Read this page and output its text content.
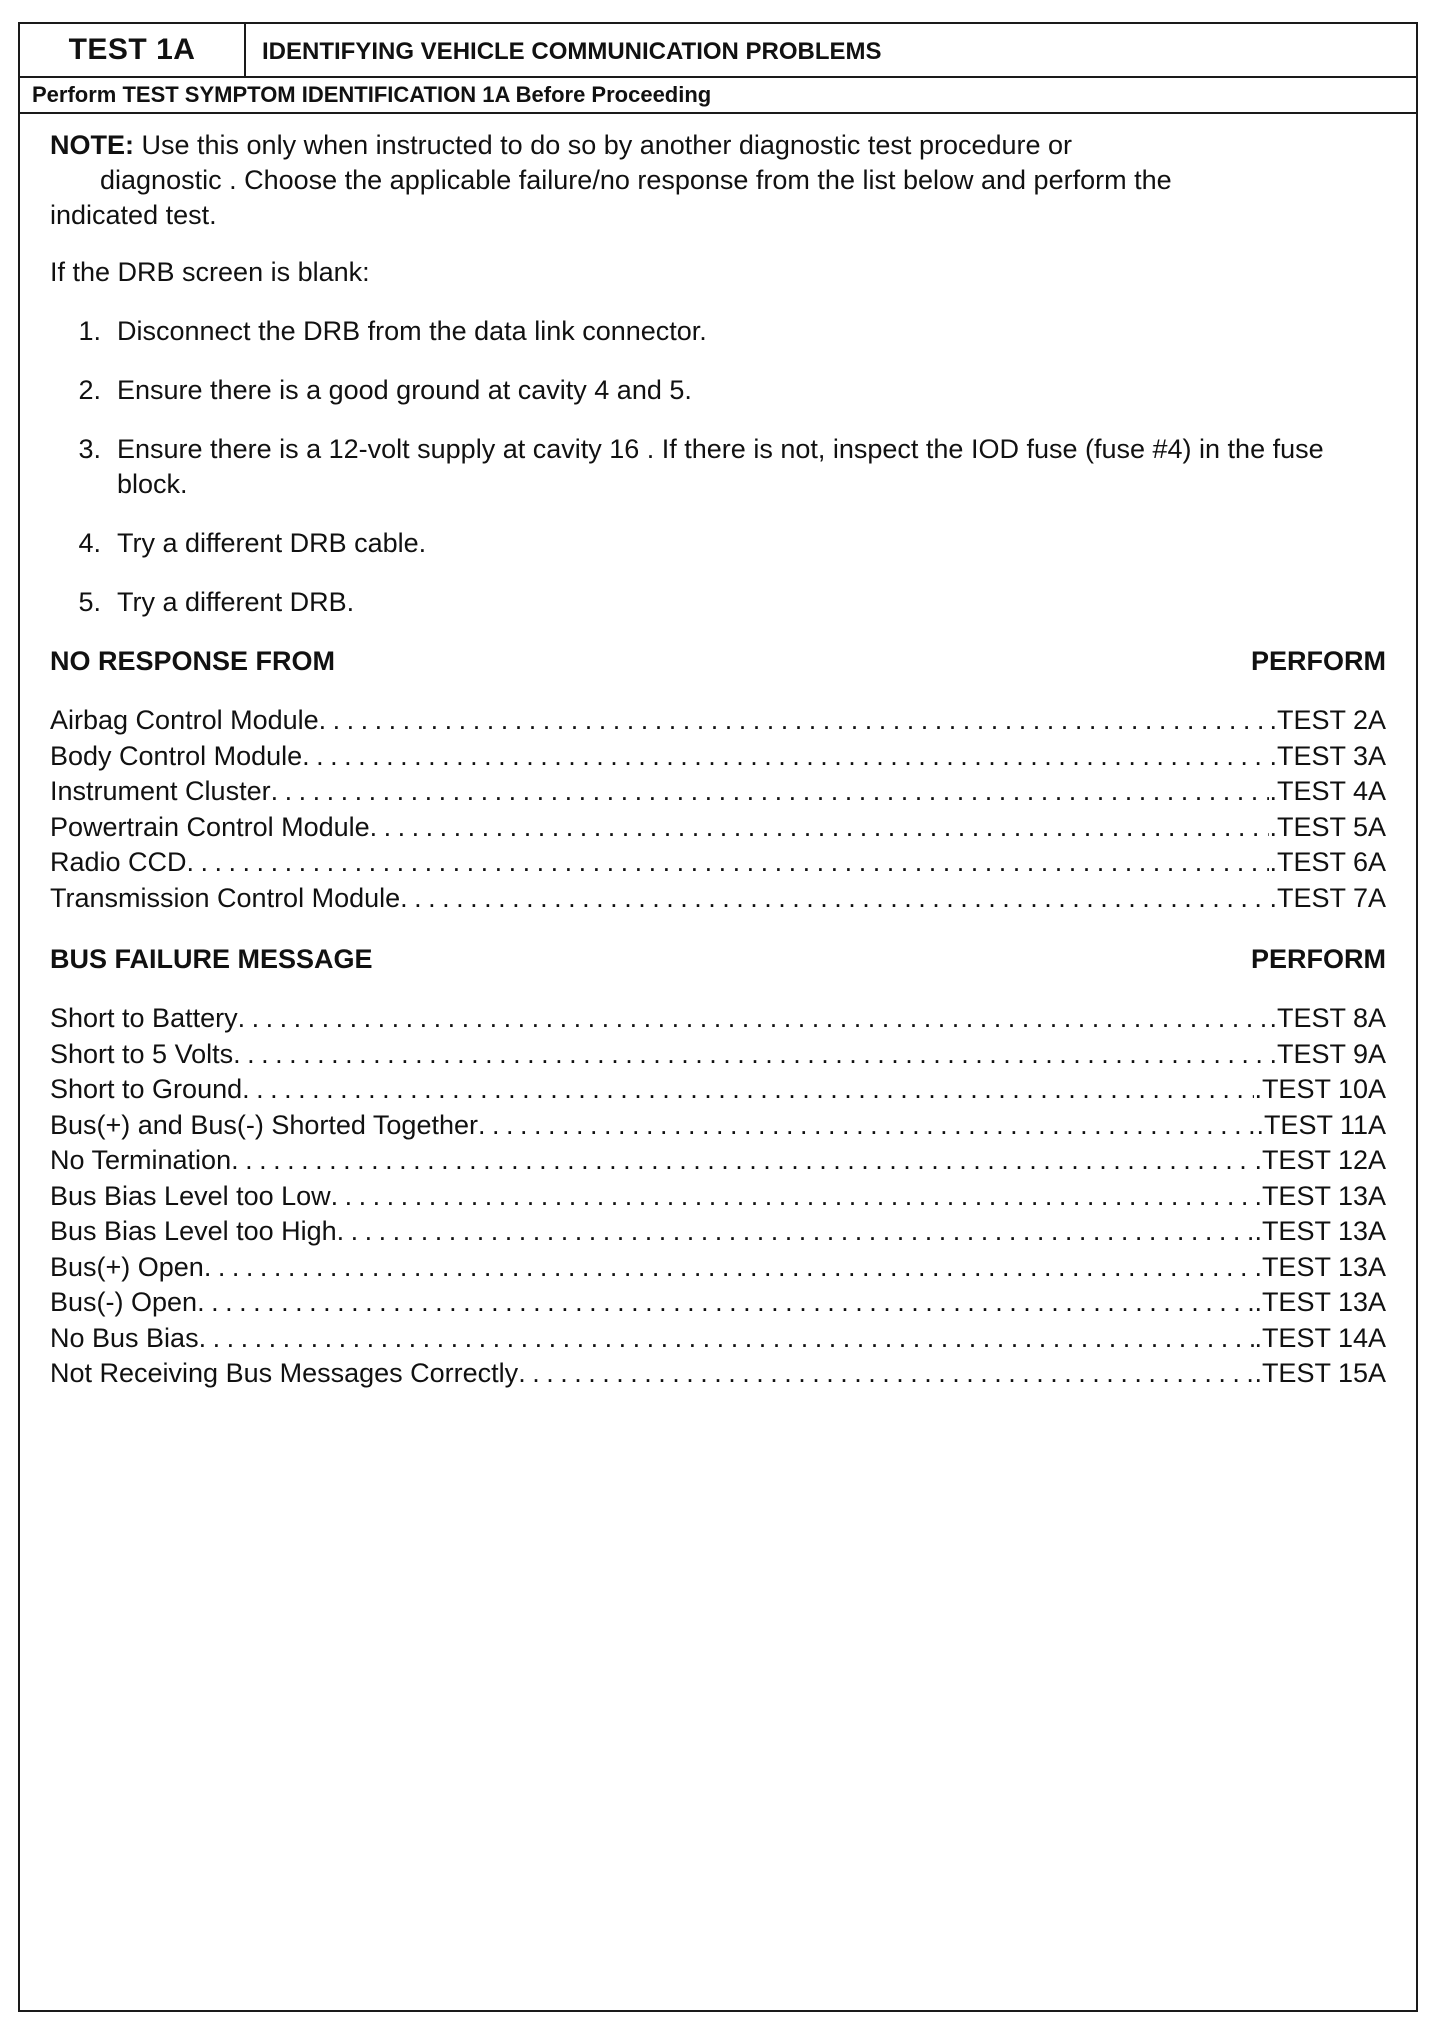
TEST 1A	IDENTIFYING VEHICLE COMMUNICATION PROBLEMS
Perform TEST SYMPTOM IDENTIFICATION 1A Before Proceeding

NOTE: Use this only when instructed to do so by another diagnostic test procedure or
diagnostic . Choose the applicable failure/no response from the list below and perform the
indicated test.

If the DRB screen is blank:
1. Disconnect the DRB from the data link connector.
2. Ensure there is a good ground at cavity 4 and 5.
3. Ensure there is a 12-volt supply at cavity 16 . If there is not, inspect the IOD fuse (fuse #4) in the fuse block.
4. Try a different DRB cable.
5. Try a different DRB.
NO RESPONSE FROM	PERFORM
Airbag Control Module . . .	.TEST 2A
Body Control Module . . .	.TEST 3A
Instrument Cluster . . .	.TEST 4A
Powertrain Control Module . . .	.TEST 5A
Radio CCD . . .	.TEST 6A
Transmission Control Module . . .	.TEST 7A
BUS FAILURE MESSAGE	PERFORM
Short to Battery . . .	.TEST 8A
Short to 5 Volts . . .	.TEST 9A
Short to Ground . . .	.TEST 10A
Bus(+) and Bus(-) Shorted Together . . .	.TEST 11A
No Termination . . .	.TEST 12A
Bus Bias Level too Low . . .	.TEST 13A
Bus Bias Level too High . . .	.TEST 13A
Bus(+) Open . . .	.TEST 13A
Bus(-) Open . . .	.TEST 13A
No Bus Bias . . .	.TEST 14A
Not Receiving Bus Messages Correctly . . .	.TEST 15A
